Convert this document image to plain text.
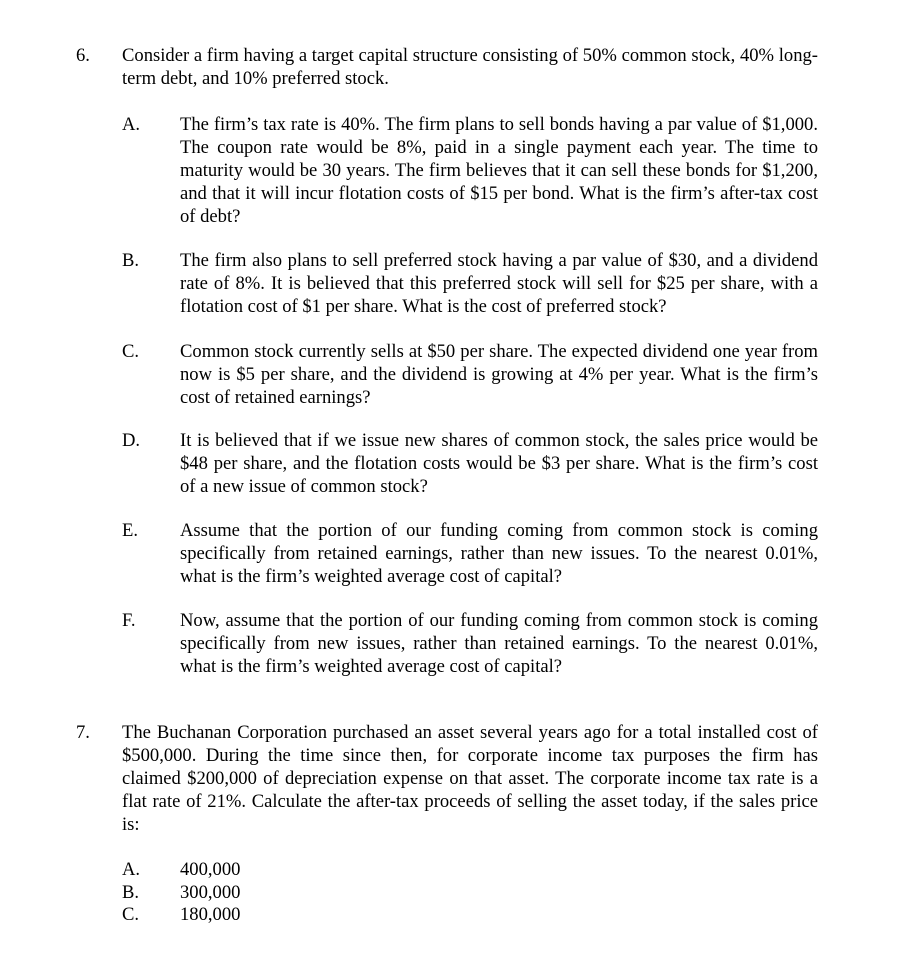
6. Consider a firm having a target capital structure consisting of 50% common stock, 40% long-term debt, and 10% preferred stock.
A. The firm’s tax rate is 40%. The firm plans to sell bonds having a par value of $1,000. The coupon rate would be 8%, paid in a single payment each year. The time to maturity would be 30 years. The firm believes that it can sell these bonds for $1,200, and that it will incur flotation costs of $15 per bond. What is the firm’s after-tax cost of debt?
B. The firm also plans to sell preferred stock having a par value of $30, and a dividend rate of 8%. It is believed that this preferred stock will sell for $25 per share, with a flotation cost of $1 per share. What is the cost of preferred stock?
C. Common stock currently sells at $50 per share. The expected dividend one year from now is $5 per share, and the dividend is growing at 4% per year. What is the firm’s cost of retained earnings?
D. It is believed that if we issue new shares of common stock, the sales price would be $48 per share, and the flotation costs would be $3 per share. What is the firm’s cost of a new issue of common stock?
E. Assume that the portion of our funding coming from common stock is coming specifically from retained earnings, rather than new issues. To the nearest 0.01%, what is the firm’s weighted average cost of capital?
F. Now, assume that the portion of our funding coming from common stock is coming specifically from new issues, rather than retained earnings. To the nearest 0.01%, what is the firm’s weighted average cost of capital?
7. The Buchanan Corporation purchased an asset several years ago for a total installed cost of $500,000. During the time since then, for corporate income tax purposes the firm has claimed $200,000 of depreciation expense on that asset. The corporate income tax rate is a flat rate of 21%. Calculate the after-tax proceeds of selling the asset today, if the sales price is:
A. 400,000
B. 300,000
C. 180,000
